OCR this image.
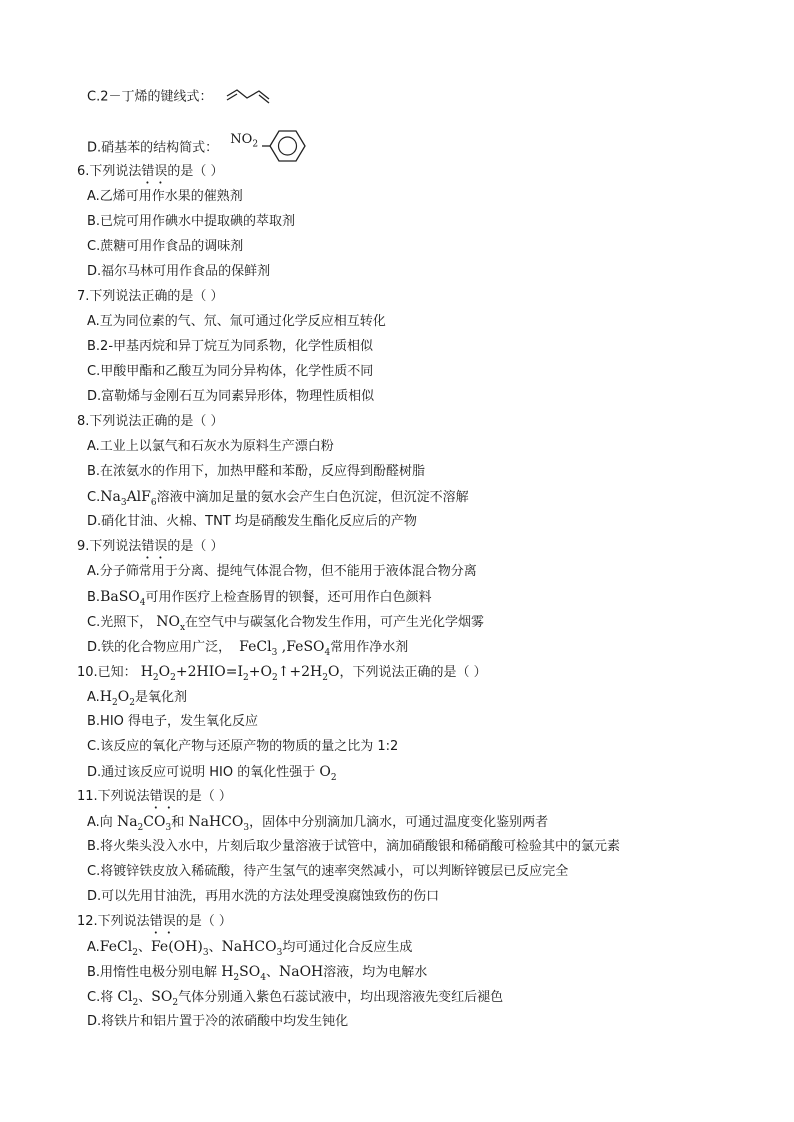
C.2－丁烯的键线式：
D.硝基苯的结构简式： $NO_2$
6.下列说法错误的是（ ）
A.乙烯可用作水果的催熟剂
B.已烷可用作碘水中提取碘的萃取剂
C.蔗糖可用作食品的调味剂
D.福尔马林可用作食品的保鲜剂
7.下列说法正确的是（ ）
A.互为同位素的气、氘、氚可通过化学反应相互转化
B.2-甲基丙烷和异丁烷互为同系物，化学性质相似
C.甲酸甲酯和乙酸互为同分异构体，化学性质不同
D.富勒烯与金刚石互为同素异形体，物理性质相似
8.下列说法正确的是（ ）
A.工业上以氯气和石灰水为原料生产漂白粉
B.在浓氨水的作用下，加热甲醛和苯酚，反应得到酚醛树脂
$C.Na_3AlF_6$溶液中滴加足量的氨水会产生白色沉淀，但沉淀不溶解
D.硝化甘油、火棉、TNT 均是硝酸发生酯化反应后的产物
9.下列说法错误的是（ ）
A.分子筛常用于分离、提纯气体混合物，但不能用于液体混合物分离
B.BaSO$_4$可用作医疗上检查肠胃的钡餐，还可用作白色颜料
C.光照下， $NO_x$在空气中与碳氢化合物发生作用，可产生光化学烟雾
D.铁的化合物应用广泛， FeCl$_3$ ,FeSO$_4$常用作净水剂
10.已知： $H_2O_2+2HIO=I_2+O_2↑+2H_2O$，下列说法正确的是（ ）
$A.H_2O_2$是氧化剂
B.HIO 得电子，发生氧化反应
C.该反应的氧化产物与还原产物的物质的量之比为 1:2
D.通过该反应可说明 HIO 的氧化性强于 $O_2$
11.下列说法错误的是（ ）
A.向 $Na_2CO_3$和 NaHCO$_3$，固体中分别滴加几滴水，可通过温度变化鉴别两者
B.将火柴头没入水中，片刻后取少量溶液于试管中，滴加硝酸银和稀硝酸可检验其中的氯元素
C.将镀锌铁皮放入稀硫酸，待产生氢气的速率突然减小，可以判断锌镀层已反应完全
D.可以先用甘油洗，再用水洗的方法处理受溴腐蚀致伤的伤口
12.下列说法错误的是（ ）
A.FeCl$_2$、$Fe(OH)_3$、NaHCO$_3$均可通过化合反应生成
B.用惰性电极分别电解 $H_2SO_4$、NaOH溶液，均为电解水
C.将 $Cl_2$、$SO_2$气体分别通入紫色石蕊试液中，均出现溶液先变红后褪色
D.将铁片和铝片置于冷的浓硝酸中均发生钝化
